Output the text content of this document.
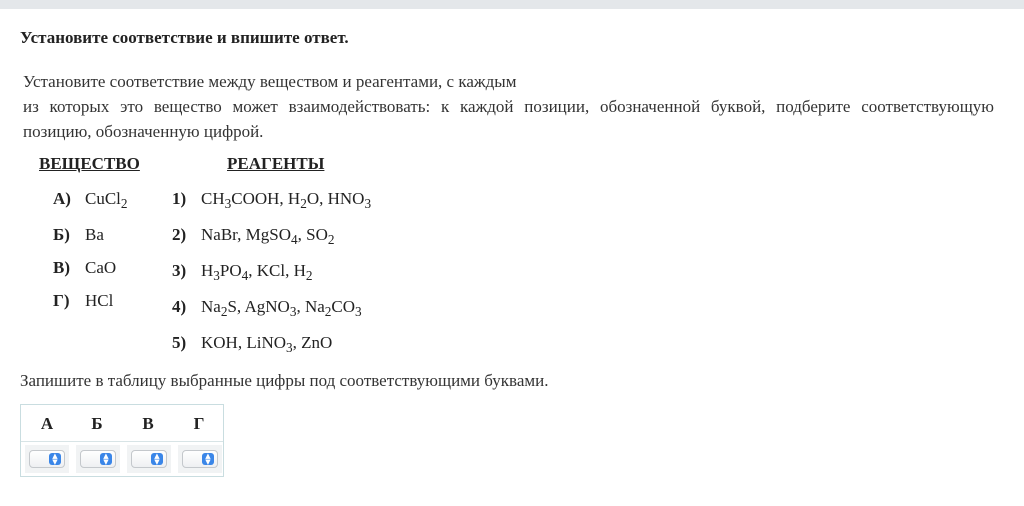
Установите соответствие и впишите ответ.
Установите соответствие между веществом и реагентами, с каждым
из которых это вещество может взаимодействовать: к каждой позиции, обозначенной буквой, подберите соответствующую
позицию, обозначенную цифрой.
ВЕЩЕСТВО	РЕАГЕНТЫ
А) CuCl$_2$
Б) Ba
В) CaO
Г) HCl
1) $CH_3COOH$, $H_2O$, $HNO_3$
2) NaBr, MgSO$_4$, $SO_2$
3) $H_3PO_4$, KCl, $H_2$
4) $Na_2S$, AgNO$_3$, $Na_2CO_3$
5) KOH, LiNO$_3$, ZnO
Запишите в таблицу выбранные цифры под соответствующими буквами.
А	Б	В	Г
▲
▼
▲
▼
▲
▼
▲
▼
